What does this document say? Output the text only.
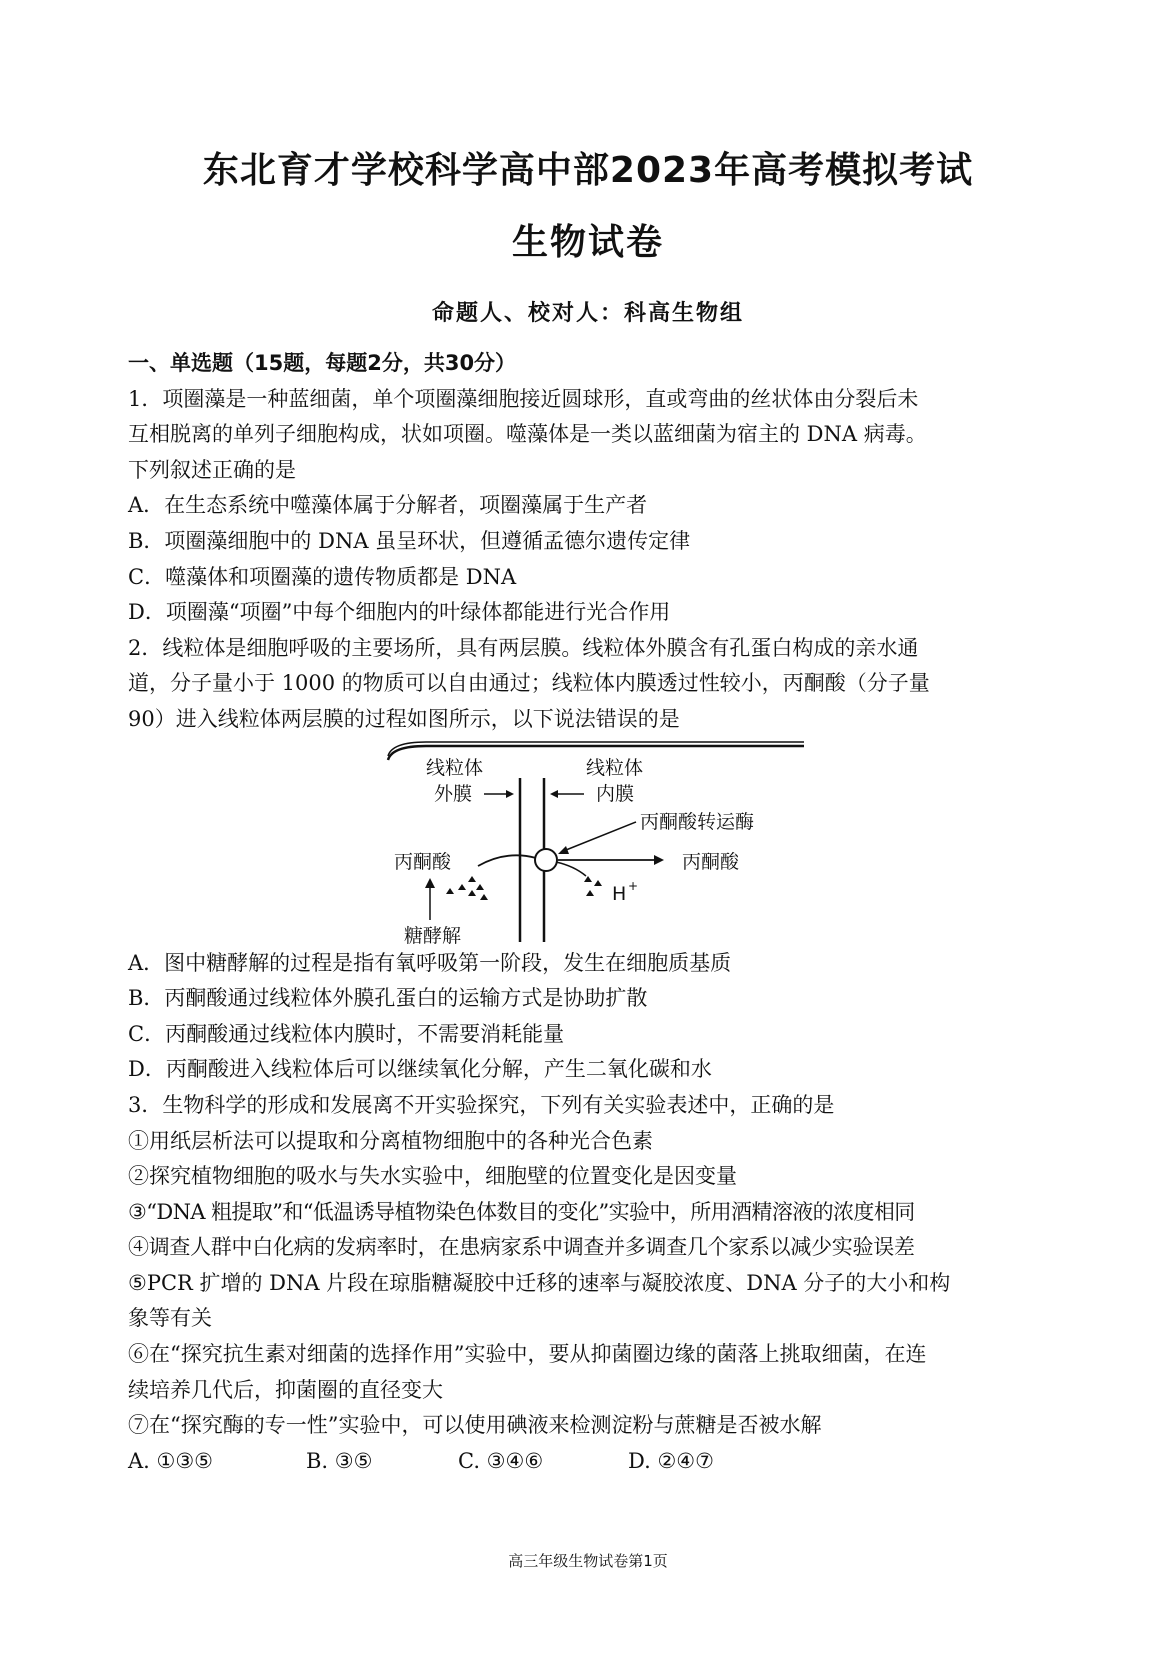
东北育才学校科学高中部2023年高考模拟考试
生物试卷
命题人、校对人：科高生物组
一、单选题（15题，每题2分，共30分）
1．项圈藻是一种蓝细菌，单个项圈藻细胞接近圆球形，直或弯曲的丝状体由分裂后未
互相脱离的单列子细胞构成，状如项圈。噬藻体是一类以蓝细菌为宿主的 DNA 病毒。
下列叙述正确的是
A．在生态系统中噬藻体属于分解者，项圈藻属于生产者
B．项圈藻细胞中的 DNA 虽呈环状，但遵循孟德尔遗传定律
C．噬藻体和项圈藻的遗传物质都是 DNA
D．项圈藻“项圈”中每个细胞内的叶绿体都能进行光合作用
2．线粒体是细胞呼吸的主要场所，具有两层膜。线粒体外膜含有孔蛋白构成的亲水通
道，分子量小于 1000 的物质可以自由通过；线粒体内膜透过性较小，丙酮酸（分子量
90）进入线粒体两层膜的过程如图所示，以下说法错误的是
线粒体
外膜
线粒体
内膜
丙酮酸转运酶
丙酮酸	丙酮酸
H +
糖酵解
A．图中糖酵解的过程是指有氧呼吸第一阶段，发生在细胞质基质
B．丙酮酸通过线粒体外膜孔蛋白的运输方式是协助扩散
C．丙酮酸通过线粒体内膜时，不需要消耗能量
D．丙酮酸进入线粒体后可以继续氧化分解，产生二氧化碳和水
3．生物科学的形成和发展离不开实验探究，下列有关实验表述中，正确的是
①用纸层析法可以提取和分离植物细胞中的各种光合色素
②探究植物细胞的吸水与失水实验中，细胞壁的位置变化是因变量
③“DNA 粗提取”和“低温诱导植物染色体数目的变化”实验中，所用酒精溶液的浓度相同
④调查人群中白化病的发病率时，在患病家系中调查并多调查几个家系以减少实验误差
⑤PCR 扩增的 DNA 片段在琼脂糖凝胶中迁移的速率与凝胶浓度、DNA 分子的大小和构
象等有关
⑥在“探究抗生素对细菌的选择作用”实验中，要从抑菌圈边缘的菌落上挑取细菌，在连
续培养几代后，抑菌圈的直径变大
⑦在“探究酶的专一性”实验中，可以使用碘液来检测淀粉与蔗糖是否被水解
A. ①③⑤	B. ③⑤	C. ③④⑥	D. ②④⑦
高三年级生物试卷第1页
